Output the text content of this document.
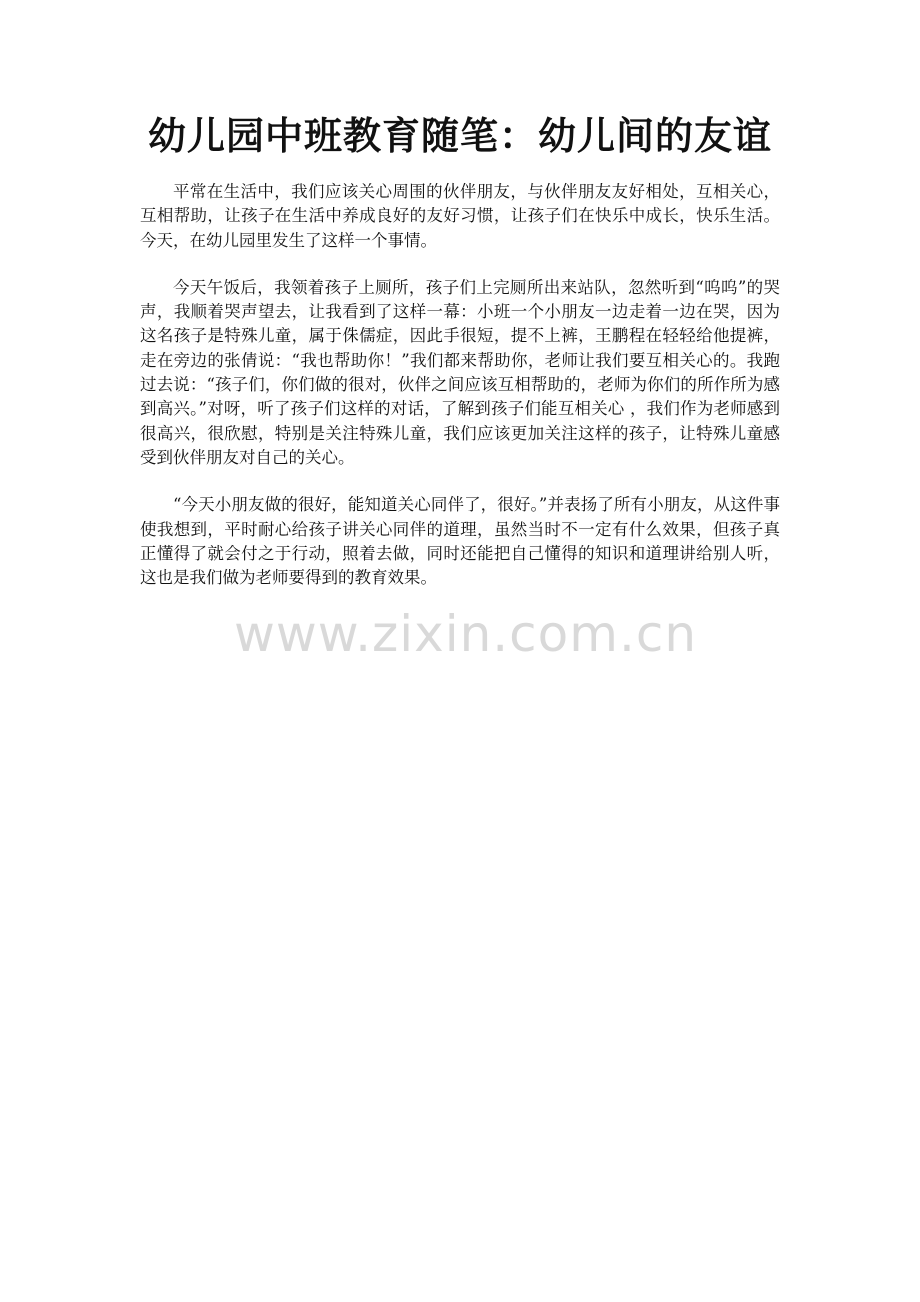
幼儿园中班教育随笔：幼儿间的友谊

平常在生活中，我们应该关心周围的伙伴朋友，与伙伴朋友友好相处，互相关心，互相帮助，让孩子在生活中养成良好的友好习惯，让孩子们在快乐中成长，快乐生活。今天，在幼儿园里发生了这样一个事情。

今天午饭后，我领着孩子上厕所，孩子们上完厕所出来站队，忽然听到“呜呜”的哭声，我顺着哭声望去，让我看到了这样一幕：小班一个小朋友一边走着一边在哭，因为这名孩子是特殊儿童，属于侏儒症，因此手很短，提不上裤，王鹏程在轻轻给他提裤，走在旁边的张倩说：“我也帮助你！”我们都来帮助你，老师让我们要互相关心的。我跑过去说：“孩子们，你们做的很对，伙伴之间应该互相帮助的，老师为你们的所作所为感到高兴。”对呀，听了孩子们这样的对话，了解到孩子们能互相关心 ，我们作为老师感到很高兴，很欣慰，特别是关注特殊儿童，我们应该更加关注这样的孩子，让特殊儿童感受到伙伴朋友对自己的关心。

“今天小朋友做的很好，能知道关心同伴了，很好。”并表扬了所有小朋友，从这件事使我想到，平时耐心给孩子讲关心同伴的道理，虽然当时不一定有什么效果，但孩子真正懂得了就会付之于行动，照着去做，同时还能把自己懂得的知识和道理讲给别人听，这也是我们做为老师要得到的教育效果。

www.zixin.com.cn
